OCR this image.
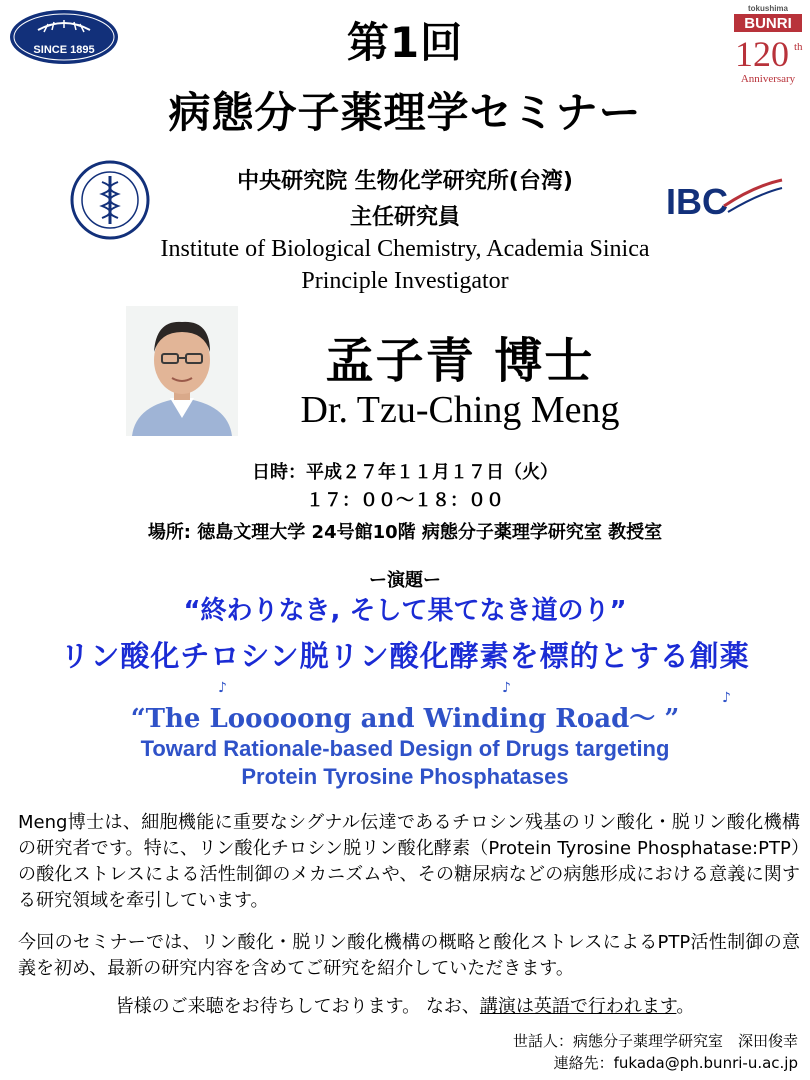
SINCE 1895
tokushima
BUNRI
120 th
Anniversary
IBC
第1回
病態分子薬理学セミナー
中央研究院 生物化学研究所(台湾)
主任研究員
Institute of Biological Chemistry, Academia Sinica
Principle Investigator
孟子青 博士
Dr. Tzu-Ching Meng
日時：平成２７年１１月１７日（火）
１７：００～１８：００
場所: 徳島文理大学 24号館10階 病態分子薬理学研究室 教授室
ー演題ー
“終わりなき, そして果てなき道のり”
リン酸化チロシン脱リン酸化酵素を標的とする創薬
♪	♪
♪
“The Looooong and Winding Road～ ”
Toward Rationale-based Design of Drugs targeting
Protein Tyrosine Phosphatases
Meng博士は、細胞機能に重要なシグナル伝達であるチロシン残基のリン酸化・脱リン酸化機構の研究者です。特に、リン酸化チロシン脱リン酸化酵素（Protein Tyrosine Phosphatase:PTP）の酸化ストレスによる活性制御のメカニズムや、その糖尿病などの病態形成における意義に関する研究領域を牽引しています。
今回のセミナーでは、リン酸化・脱リン酸化機構の概略と酸化ストレスによるPTP活性制御の意義を初め、最新の研究内容を含めてご研究を紹介していただきます。
皆様のご来聴をお待ちしております。 なお、講演は英語で行われます。
世話人：病態分子薬理学研究室　深田俊幸
連絡先：fukada@ph.bunri-u.ac.jp
